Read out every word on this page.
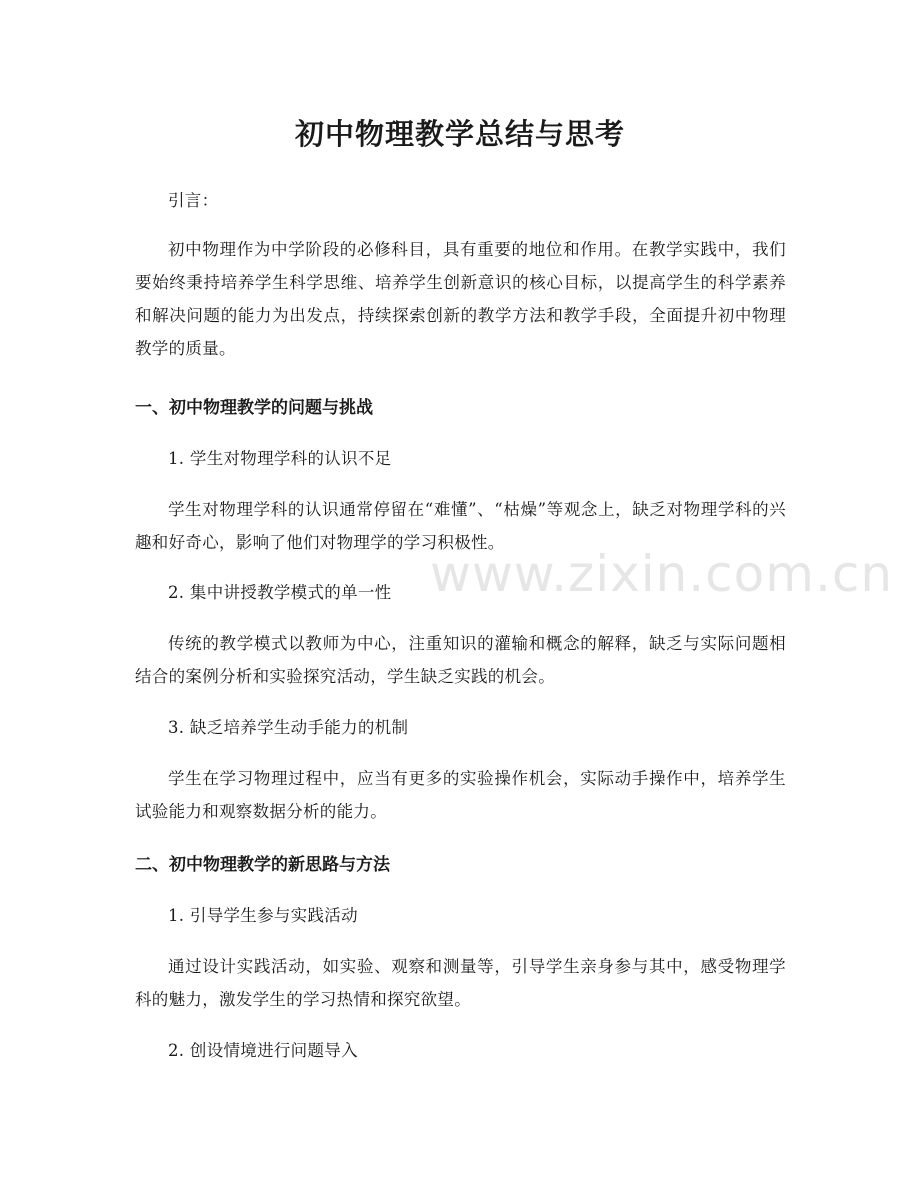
初中物理教学总结与思考

引言：

初中物理作为中学阶段的必修科目，具有重要的地位和作用。在教学实践中，我们要始终秉持培养学生科学思维、培养学生创新意识的核心目标，以提高学生的科学素养和解决问题的能力为出发点，持续探索创新的教学方法和教学手段，全面提升初中物理教学的质量。

一、初中物理教学的问题与挑战

1. 学生对物理学科的认识不足

学生对物理学科的认识通常停留在“难懂”、“枯燥”等观念上，缺乏对物理学科的兴趣和好奇心，影响了他们对物理学的学习积极性。

2. 集中讲授教学模式的单一性

传统的教学模式以教师为中心，注重知识的灌输和概念的解释，缺乏与实际问题相结合的案例分析和实验探究活动，学生缺乏实践的机会。

3. 缺乏培养学生动手能力的机制

学生在学习物理过程中，应当有更多的实验操作机会，实际动手操作中，培养学生试验能力和观察数据分析的能力。

二、初中物理教学的新思路与方法

1. 引导学生参与实践活动

通过设计实践活动，如实验、观察和测量等，引导学生亲身参与其中，感受物理学科的魅力，激发学生的学习热情和探究欲望。

2. 创设情境进行问题导入

www.zixin.com.cn
